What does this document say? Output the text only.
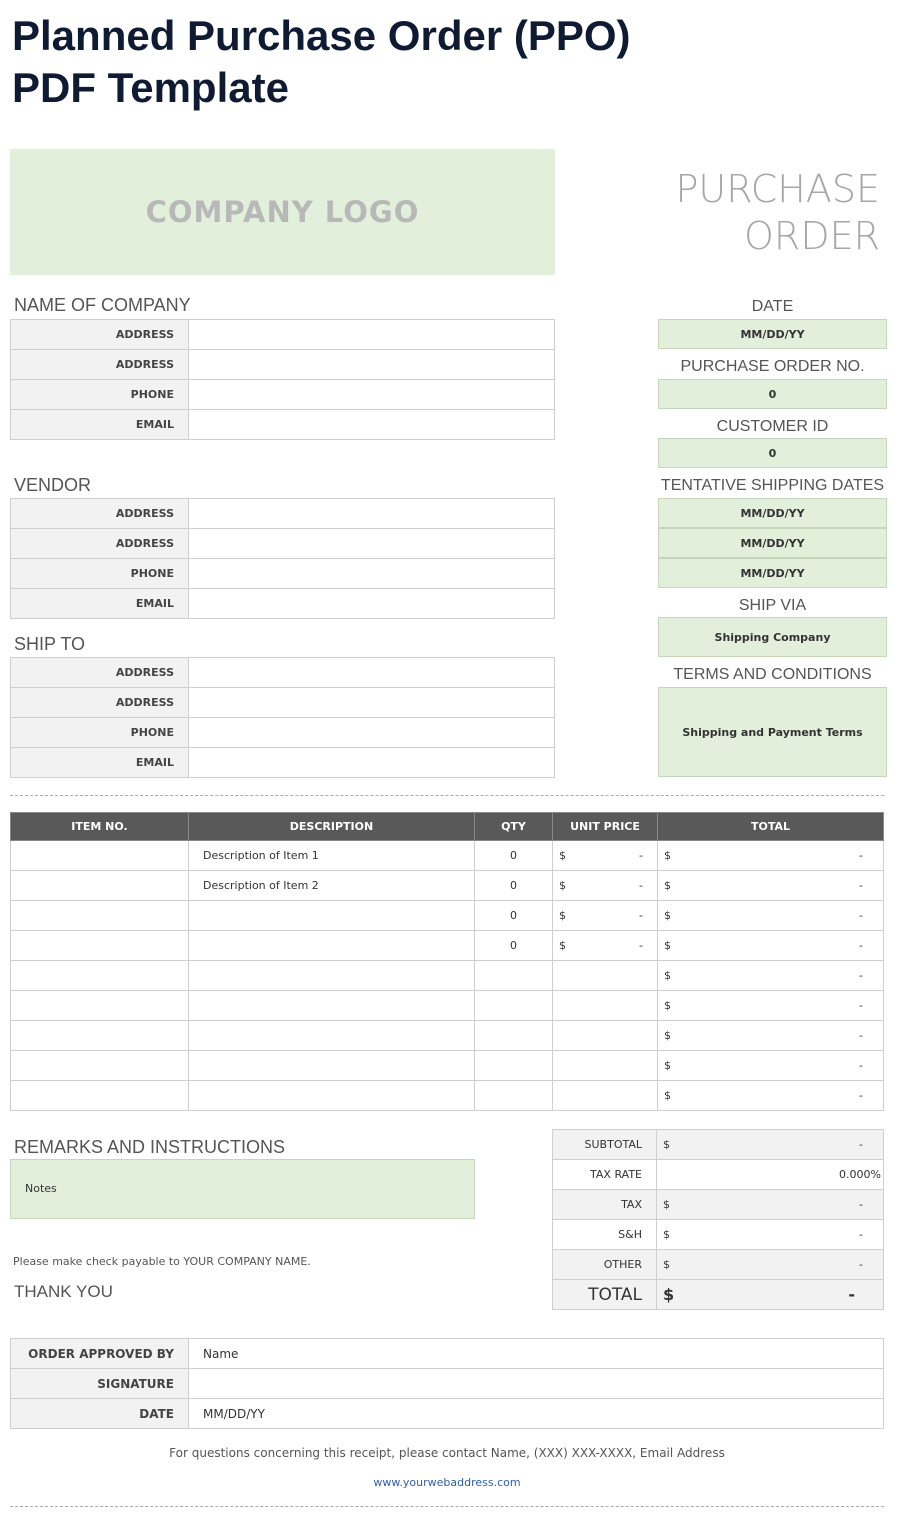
Planned Purchase Order (PPO)
PDF Template
COMPANY LOGO
PURCHASE
ORDER
NAME OF COMPANY
ADDRESS	
ADDRESS	
PHONE	
EMAIL	
VENDOR
ADDRESS	
ADDRESS	
PHONE	
EMAIL	
SHIP TO
ADDRESS	
ADDRESS	
PHONE	
EMAIL	
DATE
MM/DD/YY
PURCHASE ORDER NO.
0
CUSTOMER ID
0
TENTATIVE SHIPPING DATES
MM/DD/YY
MM/DD/YY
MM/DD/YY
SHIP VIA
Shipping Company
TERMS AND CONDITIONS
Shipping and Payment Terms
ITEM NO.	DESCRIPTION	QTY	UNIT PRICE	TOTAL
	Description of Item 1	0	$ -	$ -

	Description of Item 2	0	$ -	$ -

		0	$ -	$ -

		0	$ -	$ -

				$ -

				$ -

				$ -

				$ -

				$ -
REMARKS AND INSTRUCTIONS
Notes
Please make check payable to YOUR COMPANY NAME.
THANK YOU
SUBTOTAL	$ -

TAX RATE	0.000%

TAX	$ -

S&H	$ -

OTHER	$ -

TOTAL	$ -
ORDER APPROVED BY	Name
SIGNATURE	
DATE	MM/DD/YY
For questions concerning this receipt, please contact Name, (XXX) XXX-XXXX, Email Address
www.yourwebaddress.com
